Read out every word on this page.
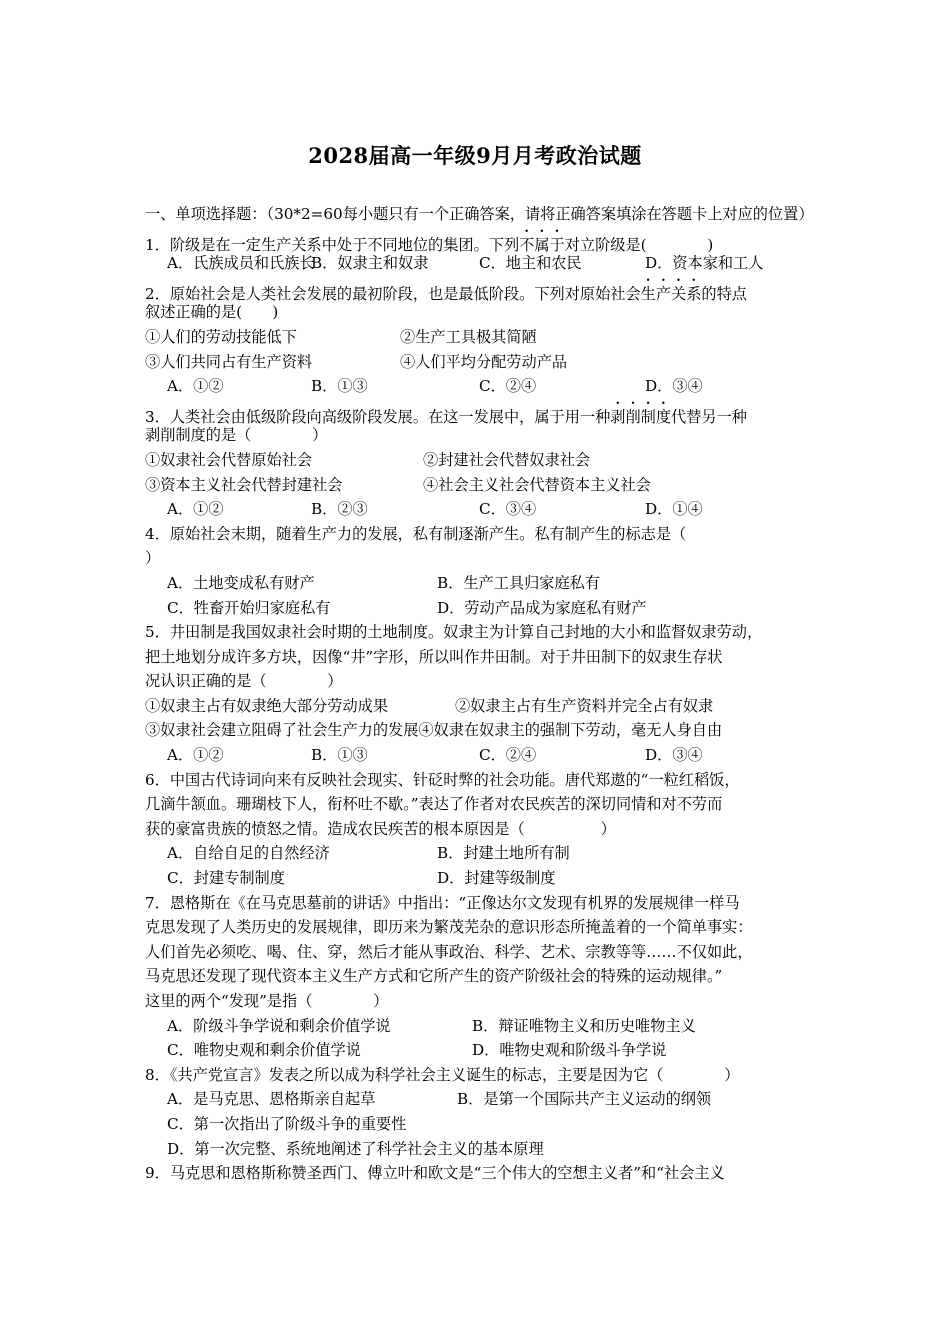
2028届高一年级9月月考政治试题
一、单项选择题：（30*2=60每小题只有一个正确答案，请将正确答案填涂在答题卡上对应的位置）
1．阶级是在一定生产关系中处于不同地位的集团。下列不属于对立阶级是(　　　　)
A．氏族成员和氏族长
B．奴隶主和奴隶	C．地主和农民	D．资本家和工人
2．原始社会是人类社会发展的最初阶段，也是最低阶段。下列对原始社会生产关系的特点
叙述正确的是(　　)
①人们的劳动技能低下	②生产工具极其简陋
③人们共同占有生产资料	④人们平均分配劳动产品
A．①②	B．①③	C．②④	D．③④
3．人类社会由低级阶段向高级阶段发展。在这一发展中，属于用一种剥削制度代替另一种
剥削制度的是（　　　　）
①奴隶社会代替原始社会	②封建社会代替奴隶社会
③资本主义社会代替封建社会	④社会主义社会代替资本主义社会
A．①②	B．②③	C．③④	D．①④
4．原始社会末期，随着生产力的发展，私有制逐渐产生。私有制产生的标志是（
）
A．土地变成私有财产	B．生产工具归家庭私有
C．牲畜开始归家庭私有	D．劳动产品成为家庭私有财产
5．井田制是我国奴隶社会时期的土地制度。奴隶主为计算自己封地的大小和监督奴隶劳动，
把土地划分成许多方块，因像“井”字形，所以叫作井田制。对于井田制下的奴隶生存状
况认识正确的是（　　　　）
①奴隶主占有奴隶绝大部分劳动成果	②奴隶主占有生产资料并完全占有奴隶
③奴隶社会建立阻碍了社会生产力的发展 ④奴隶在奴隶主的强制下劳动，毫无人身自由
A．①②	B．①③	C．②④	D．③④
6．中国古代诗词向来有反映社会现实、针砭时弊的社会功能。唐代郑遨的“一粒红稻饭，
几滴牛颔血。珊瑚枝下人，衔杯吐不歇。”表达了作者对农民疾苦的深切同情和对不劳而
获的豪富贵族的愤怒之情。造成农民疾苦的根本原因是（　　　　　）
A．自给自足的自然经济	B．封建土地所有制
C．封建专制制度	D．封建等级制度
7．恩格斯在《在马克思墓前的讲话》中指出：“正像达尔文发现有机界的发展规律一样马
克思发现了人类历史的发展规律，即历来为繁茂芜杂的意识形态所掩盖着的一个简单事实：
人们首先必须吃、喝、住、穿，然后才能从事政治、科学、艺术、宗教等等……不仅如此，
马克思还发现了现代资本主义生产方式和它所产生的资产阶级社会的特殊的运动规律。”
这里的两个“发现”是指（　　　　）
A．阶级斗争学说和剩余价值学说	B．辩证唯物主义和历史唯物主义
C．唯物史观和剩余价值学说	D．唯物史观和阶级斗争学说
8．《共产党宣言》发表之所以成为科学社会主义诞生的标志，主要是因为它（　　　　）
A．是马克思、恩格斯亲自起草	B．是第一个国际共产主义运动的纲领
C．第一次指出了阶级斗争的重要性
D．第一次完整、系统地阐述了科学社会主义的基本原理
9．马克思和恩格斯称赞圣西门、傅立叶和欧文是“三个伟大的空想主义者”和“社会主义
